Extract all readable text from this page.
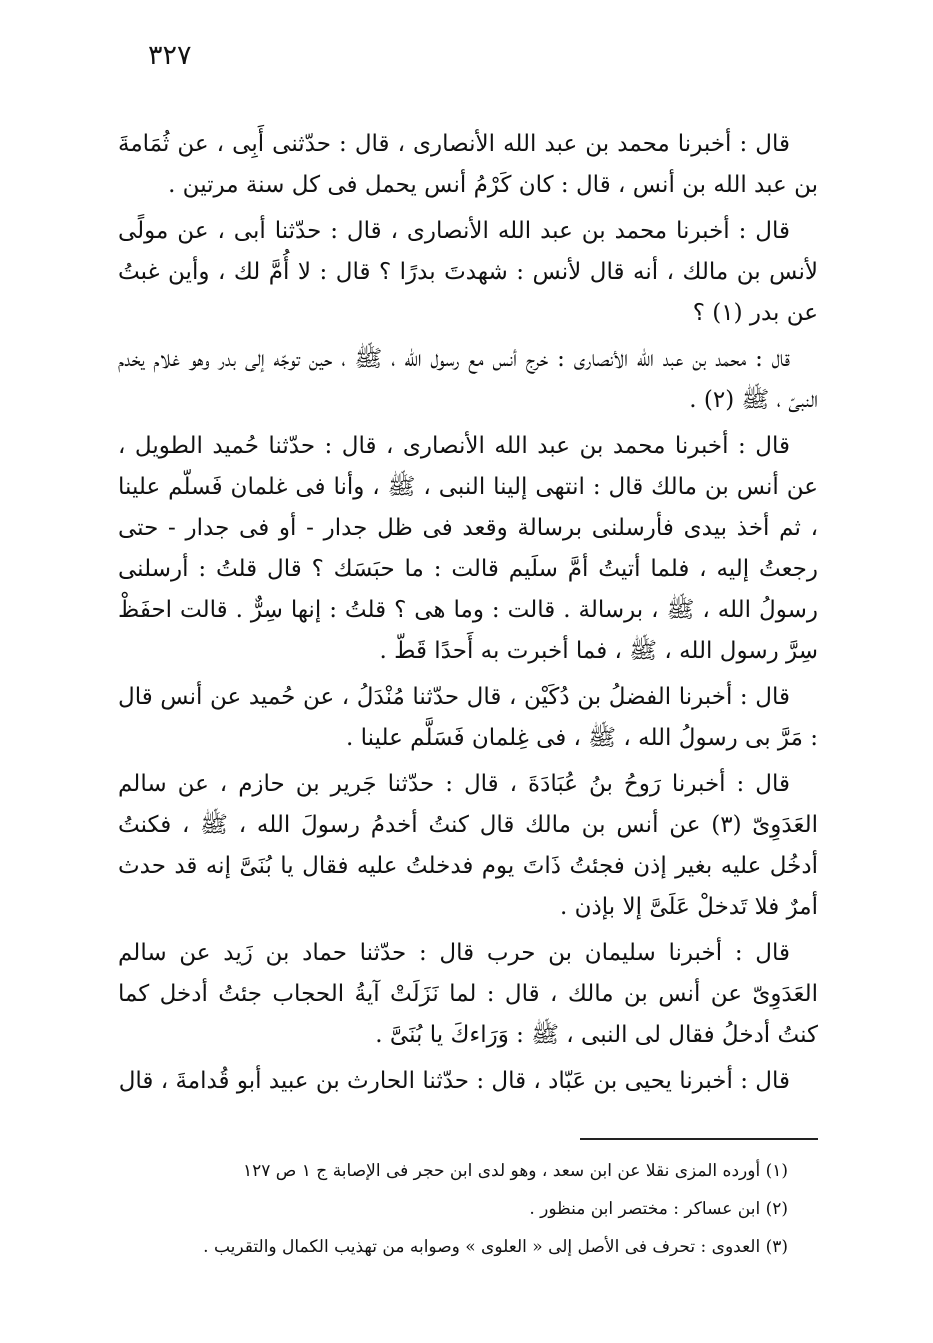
٣٢٧

قال : أخبرنا محمد بن عبد الله الأنصارى ، قال : حدّثنى أَبِى ، عن ثُمَامةَ بن عبد الله بن أنس ، قال : كان كَرْمُ أنس يحمل فى كل سنة مرتين .

قال : أخبرنا محمد بن عبد الله الأنصارى ، قال : حدّثنا أبى ، عن مولًى لأنس بن مالك ، أنه قال لأنس : شهدتَ بدرًا ؟ قال : لا أُمَّ لك ، وأين غبتُ عن بدر (١) ؟

قال : محمد بن عبد الله الأنصارى : خرج أنس مع رسول الله ، ﷺ ، حين توجّه إلى بدر وهو غلام يخدم النبىّ ، ﷺ (٢) .

قال : أخبرنا محمد بن عبد الله الأنصارى ، قال : حدّثنا حُميد الطويل ، عن أنس بن مالك قال : انتهى إلينا النبى ، ﷺ ، وأنا فى غلمان فَسلّم علينا ، ثم أخذ بيدى فأرسلنى برسالة وقعد فى ظل جدار - أو فى جدار - حتى رجعتُ إليه ، فلما أتيتُ أمَّ سلَيم قالت : ما حبَسَك ؟ قال قلتُ : أرسلنى رسولُ الله ، ﷺ ، برسالة . قالت : وما هى ؟ قلتُ : إنها سِرٌّ . قالت احفَظْ سِرَّ رسول الله ، ﷺ ، فما أخبرت به أَحدًا قَطّ .

قال : أخبرنا الفضلُ بن دُكَيْن ، قال حدّثنا مُنْدَلُ ، عن حُميد عن أنس قال : مَرَّ بى رسولُ الله ، ﷺ ، فى غِلمان فَسَلَّم علينا .

قال : أخبرنا رَوحُ بنُ عُبَادَةَ ، قال : حدّثنا جَرير بن حازم ، عن سالم العَدَوِىّ (٣) عن أنس بن مالك قال كنتُ أخدمُ رسولَ الله ، ﷺ ، فكنتُ أدخُل عليه بغير إذن فجئتُ ذَاتَ يوم فدخلتُ عليه فقال يا بُنَىَّ إنه قد حدث أمرٌ فلا تَدخلْ عَلَىَّ إلا بإذن .

قال : أخبرنا سليمان بن حرب قال : حدّثنا حماد بن زَيد عن سالم العَدَوِىّ عن أنس بن مالك ، قال : لما نَزَلَتْ آيةُ الحجاب جئتُ أدخل كما كنتُ أدخلُ فقال لى النبى ، ﷺ : وَرَاءكَ يا بُنَىَّ .

قال : أخبرنا يحيى بن عَبّاد ، قال : حدّثنا الحارث بن عبيد أبو قُدامةَ ، قال

(١) أورده المزى نقلا عن ابن سعد ، وهو لدى ابن حجر فى الإصابة ج ١ ص ١٢٧

(٢) ابن عساكر : مختصر ابن منظور .

(٣) العدوى : تحرف فى الأصل إلى « العلوى » وصوابه من تهذيب الكمال والتقريب .
